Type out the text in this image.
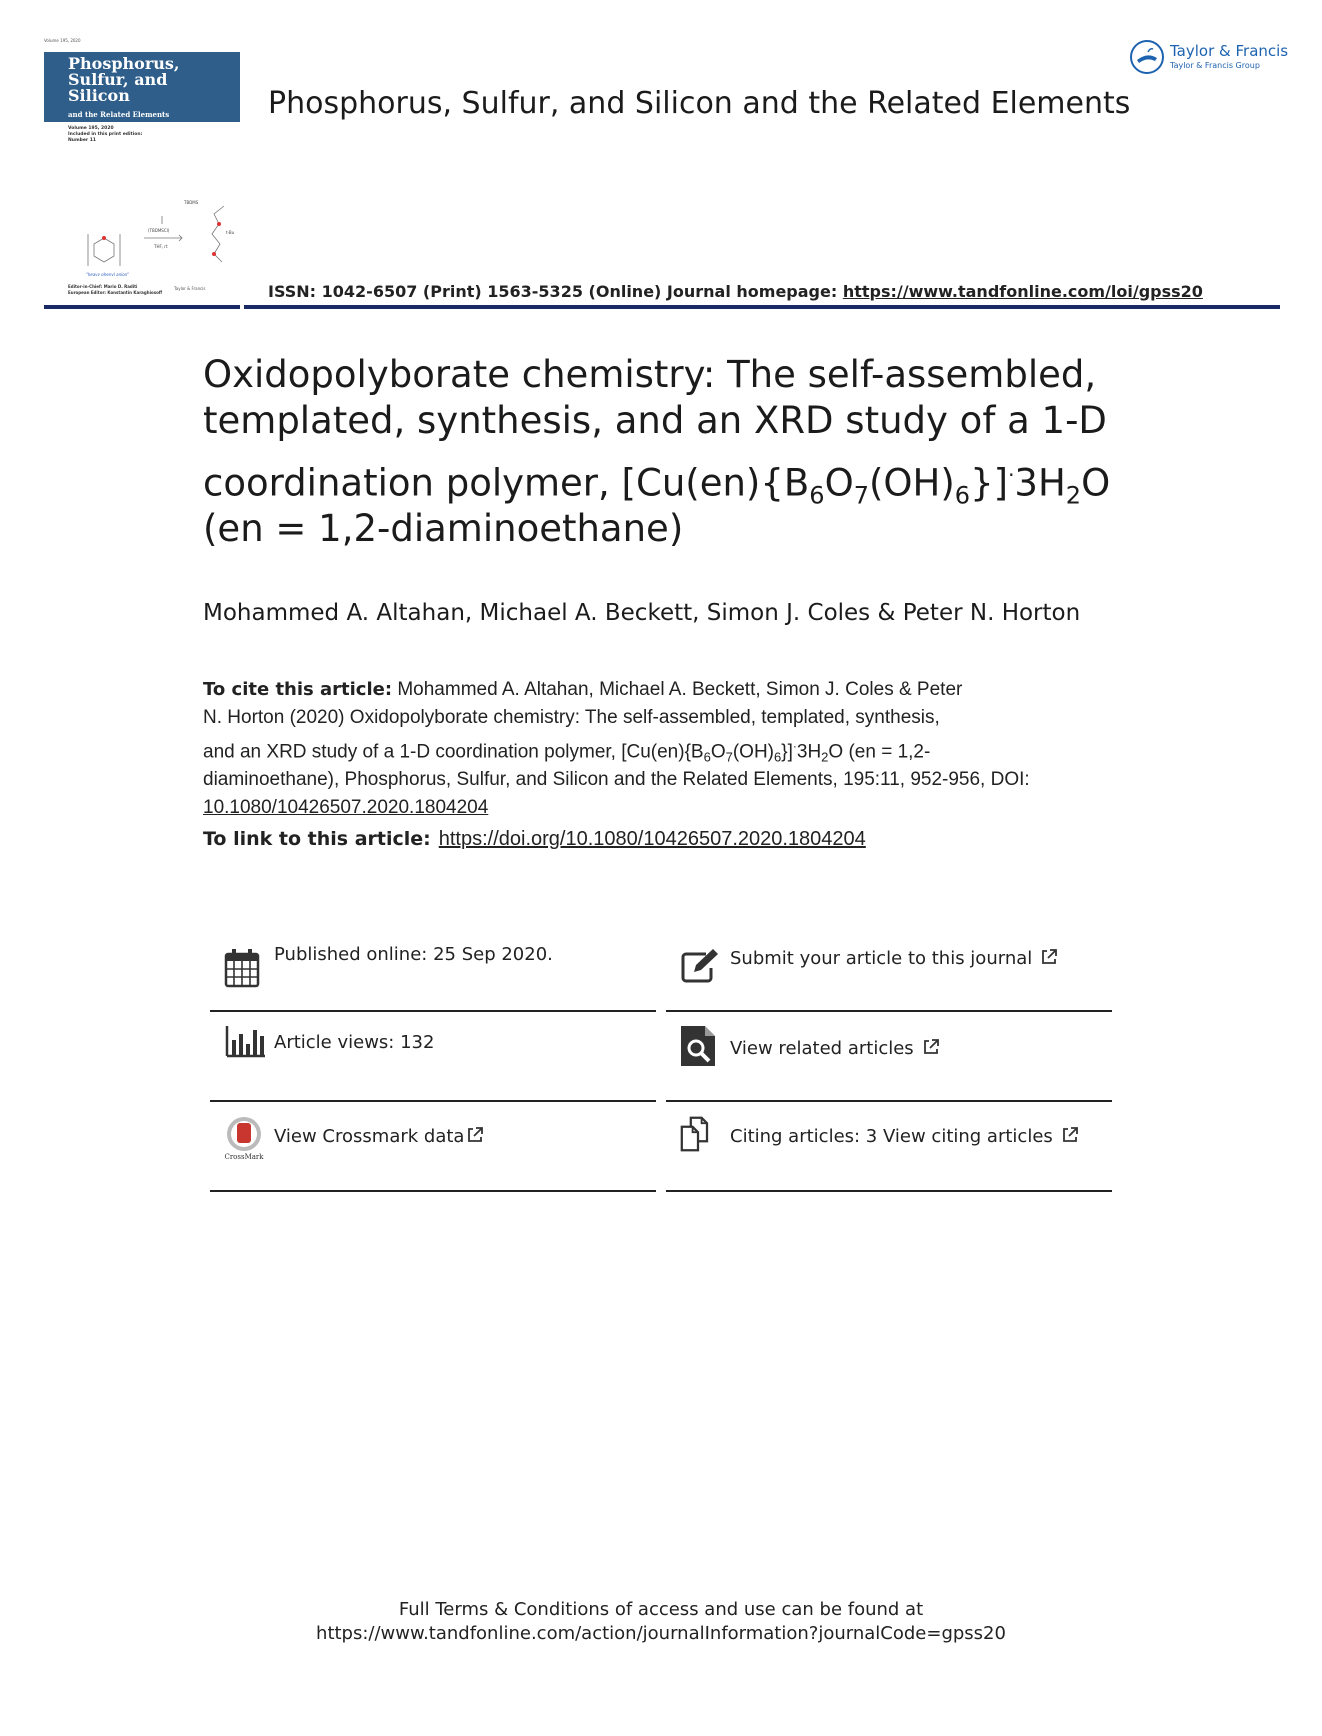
Volume 195, 2020
Phosphorus,
Sulfur, and
Silicon
and the Related Elements
Volume 195, 2020
Included in this print edition:
Number 11
(TBDMSCl)
THF, rt
TBDMS
t-Bu
"heavy phenyl anion"
Editor-in-Chief: Mario D. Raditi
European Editor: Konstantin Karaghiosoff
Taylor & Francis
Phosphorus, Sulfur, and Silicon and the Related Elements
Taylor & Francis
Taylor & Francis Group
ISSN: 1042-6507 (Print) 1563-5325 (Online) Journal homepage: https://www.tandfonline.com/loi/gpss20
Oxidopolyborate chemistry: The self-assembled,
templated, synthesis, and an XRD study of a 1-D
coordination polymer, $[Cu(en)\{B_6O_7(OH)_6\}]^\cdot 3H_2O$
(en = 1,2-diaminoethane)
Mohammed A. Altahan, Michael A. Beckett, Simon J. Coles & Peter N. Horton
To cite this article: Mohammed A. Altahan, Michael A. Beckett, Simon J. Coles & Peter
N. Horton (2020) Oxidopolyborate chemistry: The self-assembled, templated, synthesis,
and an XRD study of a 1-D coordination polymer, $[Cu(en)\{B_6O_7(OH)_6\}]^\cdot 3H_2O$ (en = 1,2-
diaminoethane), Phosphorus, Sulfur, and Silicon and the Related Elements, 195:11, 952-956, DOI:
10.1080/10426507.2020.1804204
To link to this article: https://doi.org/10.1080/10426507.2020.1804204
Published online: 25 Sep 2020.	Submit your article to this journal
Article views: 132	View related articles
CrossMark
View Crossmark data	Citing articles: 3 View citing articles
Full Terms & Conditions of access and use can be found at
https://www.tandfonline.com/action/journalInformation?journalCode=gpss20
